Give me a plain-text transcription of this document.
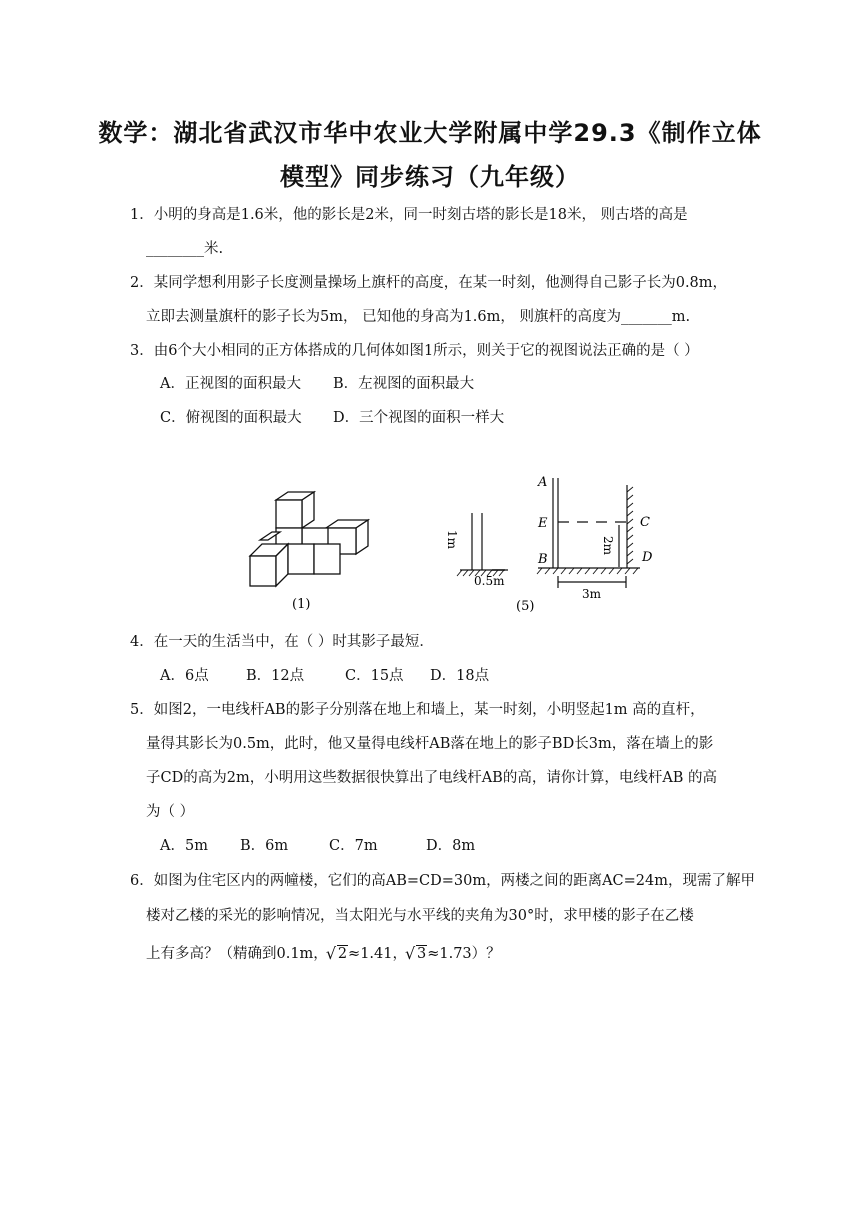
数学：湖北省武汉市华中农业大学附属中学29.3《制作立体
模型》同步练习（九年级）
1．小明的身高是1.6米，他的影长是2米，同一时刻古塔的影长是18米， 则古塔的高是
________米.
2．某同学想利用影子长度测量操场上旗杆的高度，在某一时刻，他测得自己影子长为0.8m，
立即去测量旗杆的影子长为5m， 已知他的身高为1.6m， 则旗杆的高度为_______m.
3．由6个大小相同的正方体搭成的几何体如图1所示，则关于它的视图说法正确的是（ ）
A．正视图的面积最大 B．左视图的面积最大
C．俯视图的面积最大 D．三个视图的面积一样大
(1)
1m
0.5m
(5)
A
E
B
C
D
2m
3m
4．在一天的生活当中，在（ ）时其影子最短．
A．6点	B．12点	C．15点 D．18点
5．如图2，一电线杆AB的影子分别落在地上和墙上，某一时刻，小明竖起1m 高的直杆，
量得其影长为0.5m，此时，他又量得电线杆AB落在地上的影子BD长3m，落在墙上的影
子CD的高为2m，小明用这些数据很快算出了电线杆AB的高，请你计算，电线杆AB 的高
为（ ）
A．5m B．6m	C．7m	D．8m
6．如图为住宅区内的两幢楼，它们的高AB=CD=30m，两楼之间的距离AC=24m，现需了解甲
楼对乙楼的采光的影响情况，当太阳光与水平线的夹角为30°时，求甲楼的影子在乙楼
上有多高？（精确到0.1m， √ 2≈1.41， √ 3≈1.73）？
